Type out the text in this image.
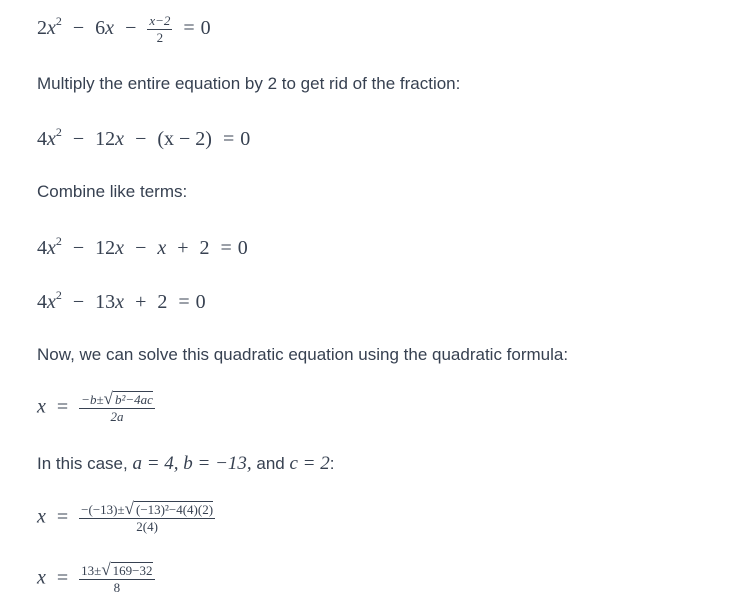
$2x^2 - 6x - \frac{x-2}{2} = 0$
Multiply the entire equation by 2 to get rid of the fraction:
$4x^2 - 12x - (x - 2) = 0$
Combine like terms:
$4x^2 - 12x - x + 2 = 0$
$4x^2 - 13x + 2 = 0$
Now, we can solve this quadratic equation using the quadratic formula:
$x = \frac{\text{−b±√ b²−4ac}}{2a}$
In this case, a = 4, b = −13, and c = 2:
$x = \frac{\text{−(−13)±√ (−13)²−4(4)(2)}}{2(4)}$
$x = \frac{13\pm√ 169-32}{8}$
